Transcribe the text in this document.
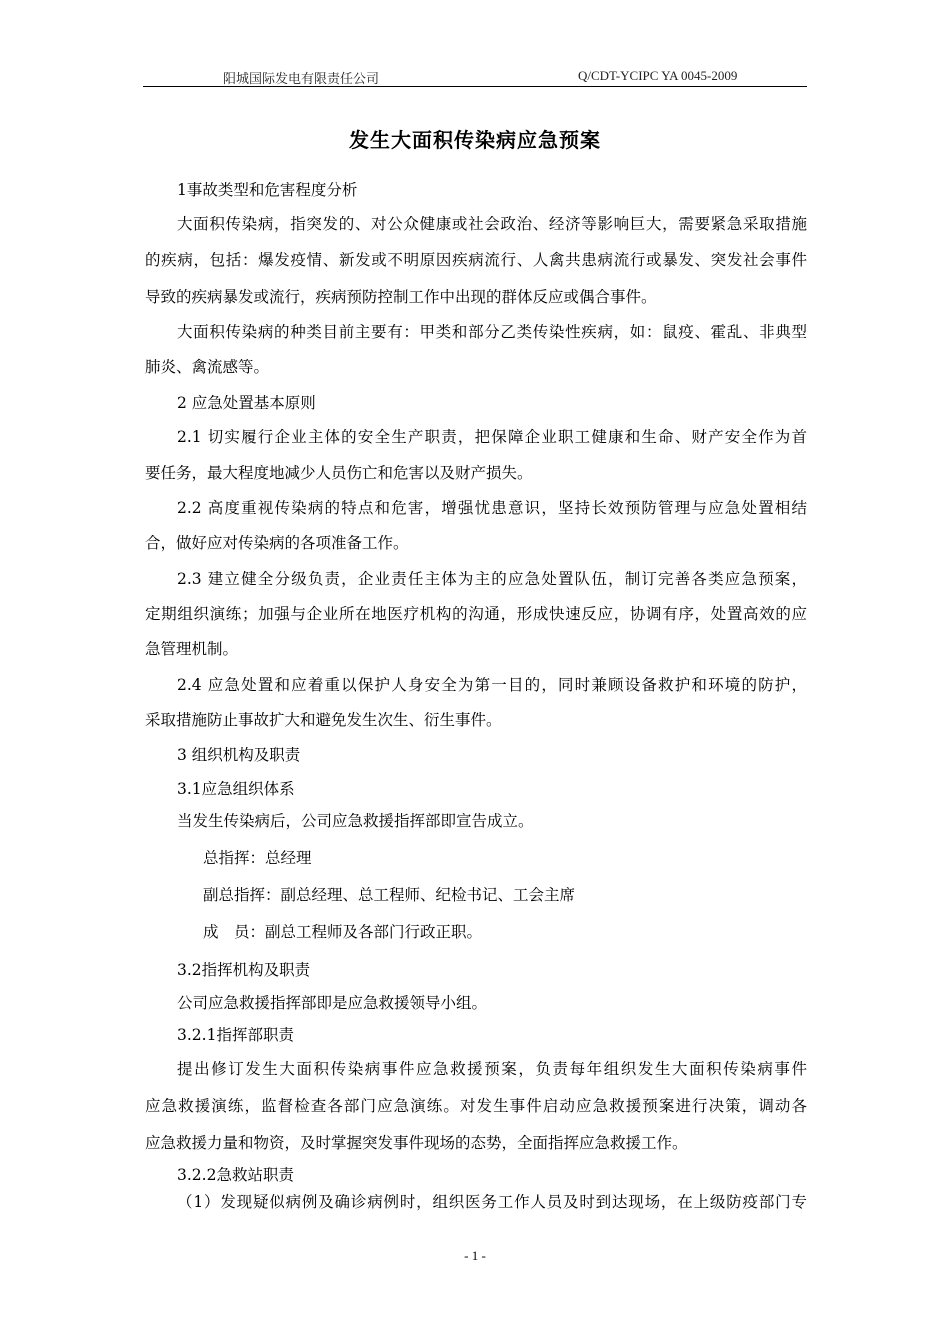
阳城国际发电有限责任公司	Q/CDT-YCIPC YA 0045-2009
发生大面积传染病应急预案
1事故类型和危害程度分析
大面积传染病，指突发的、对公众健康或社会政治、经济等影响巨大，需要紧急采取措施
的疾病，包括：爆发疫情、新发或不明原因疾病流行、人禽共患病流行或暴发、突发社会事件
导致的疾病暴发或流行，疾病预防控制工作中出现的群体反应或偶合事件。
大面积传染病的种类目前主要有：甲类和部分乙类传染性疾病，如：鼠疫、霍乱、非典型
肺炎、禽流感等。
2 应急处置基本原则
2.1 切实履行企业主体的安全生产职责，把保障企业职工健康和生命、财产安全作为首
要任务，最大程度地减少人员伤亡和危害以及财产损失。
2.2 高度重视传染病的特点和危害，增强忧患意识，坚持长效预防管理与应急处置相结
合，做好应对传染病的各项准备工作。
2.3 建立健全分级负责，企业责任主体为主的应急处置队伍，制订完善各类应急预案，
定期组织演练；加强与企业所在地医疗机构的沟通，形成快速反应，协调有序，处置高效的应
急管理机制。
2.4 应急处置和应着重以保护人身安全为第一目的，同时兼顾设备救护和环境的防护，
采取措施防止事故扩大和避免发生次生、衍生事件。
3 组织机构及职责
3.1应急组织体系
当发生传染病后，公司应急救援指挥部即宣告成立。
总指挥：总经理
副总指挥：副总经理、总工程师、纪检书记、工会主席
成　员：副总工程师及各部门行政正职。
3.2指挥机构及职责
公司应急救援指挥部即是应急救援领导小组。
3.2.1指挥部职责
提出修订发生大面积传染病事件应急救援预案，负责每年组织发生大面积传染病事件
应急救援演练，监督检查各部门应急演练。对发生事件启动应急救援预案进行决策，调动各
应急救援力量和物资，及时掌握突发事件现场的态势，全面指挥应急救援工作。
3.2.2急救站职责
（1）发现疑似病例及确诊病例时，组织医务工作人员及时到达现场，在上级防疫部门专
- 1 -
